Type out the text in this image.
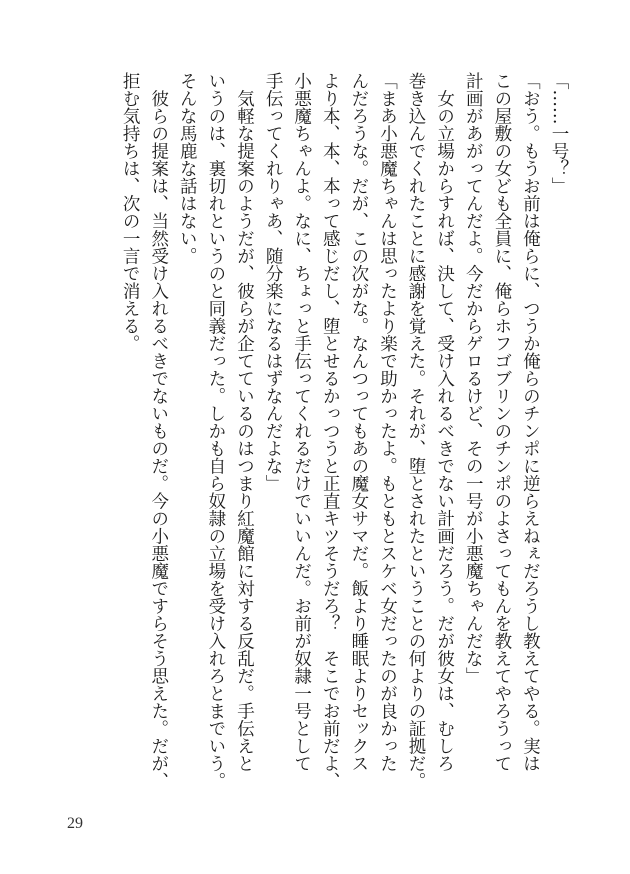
「……一号？」
「おう。もうお前は俺らに、つうか俺らのチンポに逆らえねぇだろうし教えてやる。実は
この屋敷の女ども全員に、俺らホフゴブリンのチンポのよさってもんを教えてやろうって
計画があがってんだよ。今だからゲロるけど、その一号が小悪魔ちゃんだな」
　女の立場からすれば、決して、受け入れるべきでない計画だろう。だが彼女は、むしろ
巻き込んでくれたことに感謝を覚えた。それが、堕とされたということの何よりの証拠だ。
「まあ小悪魔ちゃんは思ったより楽で助かったよ。もともとスケベ女だったのが良かった
んだろうな。だが、この次がな。なんつってもあの魔女サマだ。飯より睡眠よりセックス
より本、本、本って感じだし、堕とせるかっつうと正直キツそうだろ？　そこでお前だよ、
小悪魔ちゃんよ。なに、ちょっと手伝ってくれるだけでいいんだ。お前が奴隷一号として
手伝ってくれりゃあ、随分楽になるはずなんだよな」
　気軽な提案のようだが、彼らが企てているのはつまり紅魔館に対する反乱だ。手伝えと
いうのは、裏切れというのと同義だった。しかも自ら奴隷の立場を受け入れろとまでいう。
そんな馬鹿な話はない。
　彼らの提案は、当然受け入れるべきでないものだ。今の小悪魔ですらそう思えた。だが、
拒む気持ちは、次の一言で消える。
29
